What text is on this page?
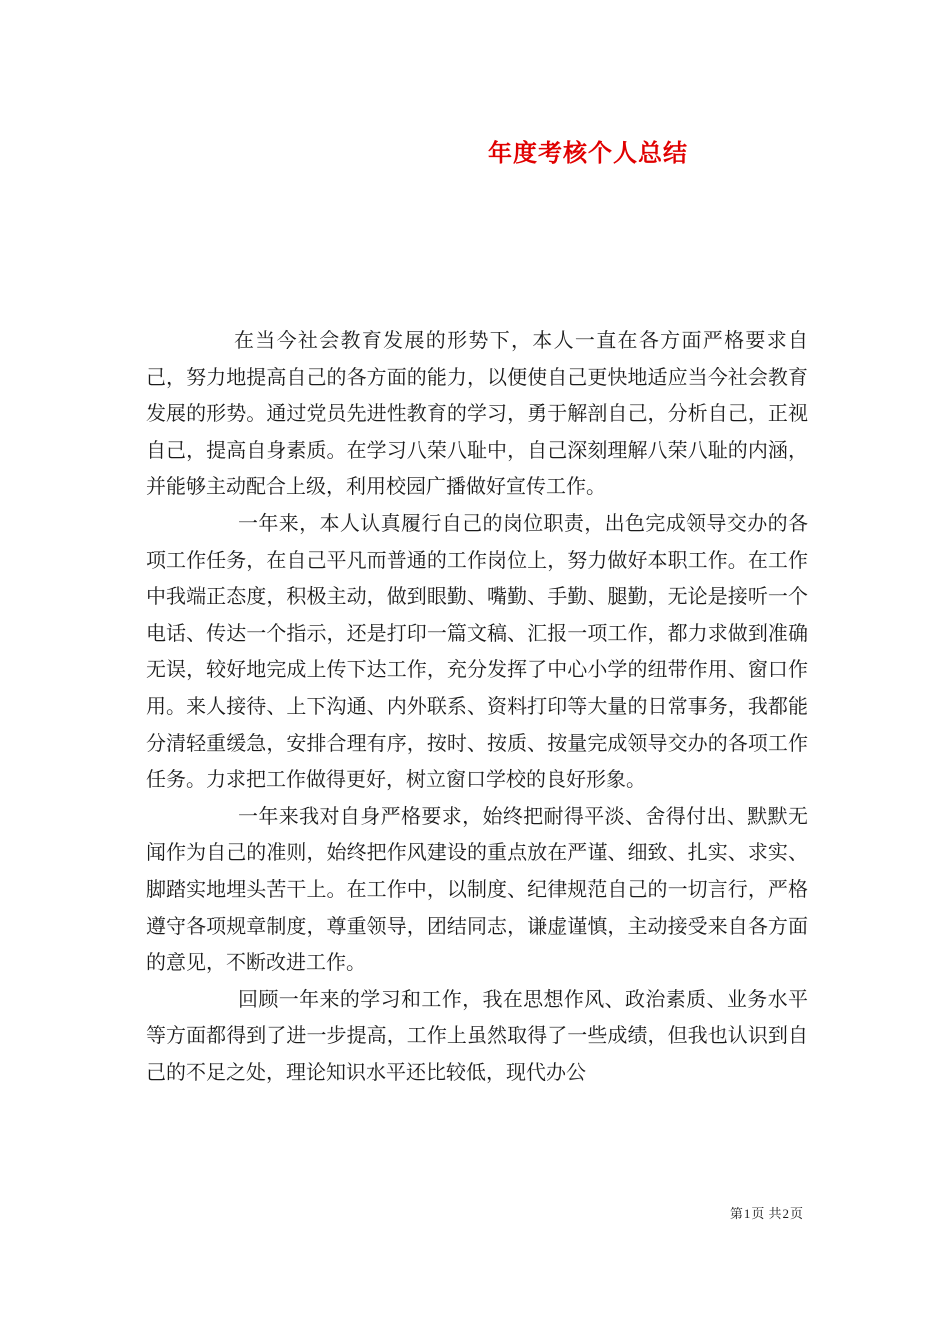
年度考核个人总结

在当今社会教育发展的形势下，本人一直在各方面严格要求自己，努力地提高自己的各方面的能力，以便使自己更快地适应当今社会教育发展的形势。通过党员先进性教育的学习，勇于解剖自己，分析自己，正视自己，提高自身素质。在学习八荣八耻中，自己深刻理解八荣八耻的内涵，并能够主动配合上级，利用校园广播做好宣传工作。

一年来，本人认真履行自己的岗位职责，出色完成领导交办的各项工作任务，在自己平凡而普通的工作岗位上，努力做好本职工作。在工作中我端正态度，积极主动，做到眼勤、嘴勤、手勤、腿勤，无论是接听一个电话、传达一个指示，还是打印一篇文稿、汇报一项工作，都力求做到准确无误，较好地完成上传下达工作，充分发挥了中心小学的纽带作用、窗口作用。来人接待、上下沟通、内外联系、资料打印等大量的日常事务，我都能分清轻重缓急，安排合理有序，按时、按质、按量完成领导交办的各项工作任务。力求把工作做得更好，树立窗口学校的良好形象。

一年来我对自身严格要求，始终把耐得平淡、舍得付出、默默无闻作为自己的准则，始终把作风建设的重点放在严谨、细致、扎实、求实、脚踏实地埋头苦干上。在工作中，以制度、纪律规范自己的一切言行，严格遵守各项规章制度，尊重领导，团结同志，谦虚谨慎，主动接受来自各方面的意见，不断改进工作。

回顾一年来的学习和工作，我在思想作风、政治素质、业务水平等方面都得到了进一步提高，工作上虽然取得了一些成绩，但我也认识到自己的不足之处，理论知识水平还比较低，现代办公

第1页 共2页
